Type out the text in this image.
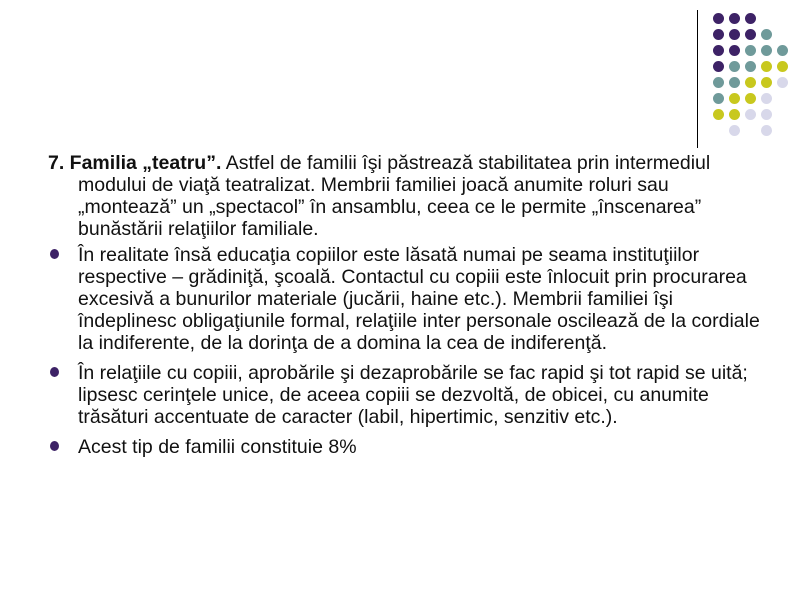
7. Familia „teatru”. Astfel de familii îşi păstrează stabilitatea prin intermediul modului de viaţă teatralizat. Membrii familiei joacă anumite roluri sau „montează” un „spectacol” în ansamblu, ceea ce le permite „înscenarea” bunăstării relaţiilor familiale.

În realitate însă educaţia copiilor este lăsată numai pe seama instituţiilor respective – grădiniţă, şcoală. Contactul cu copiii este înlocuit prin procurarea excesivă a bunurilor materiale (jucării, haine etc.). Membrii familiei îşi îndeplinesc obligaţiunile formal, relaţiile inter personale oscilează de la cordiale la indiferente, de la dorinţa de a domina la cea de indiferenţă.

În relaţiile cu copiii, aprobările şi dezaprobările se fac rapid şi tot rapid se uită; lipsesc cerinţele unice, de aceea copiii se dezvoltă, de obicei, cu anumite trăsături accentuate de caracter (labil, hipertimic, senzitiv etc.).

Acest tip de familii constituie 8%
